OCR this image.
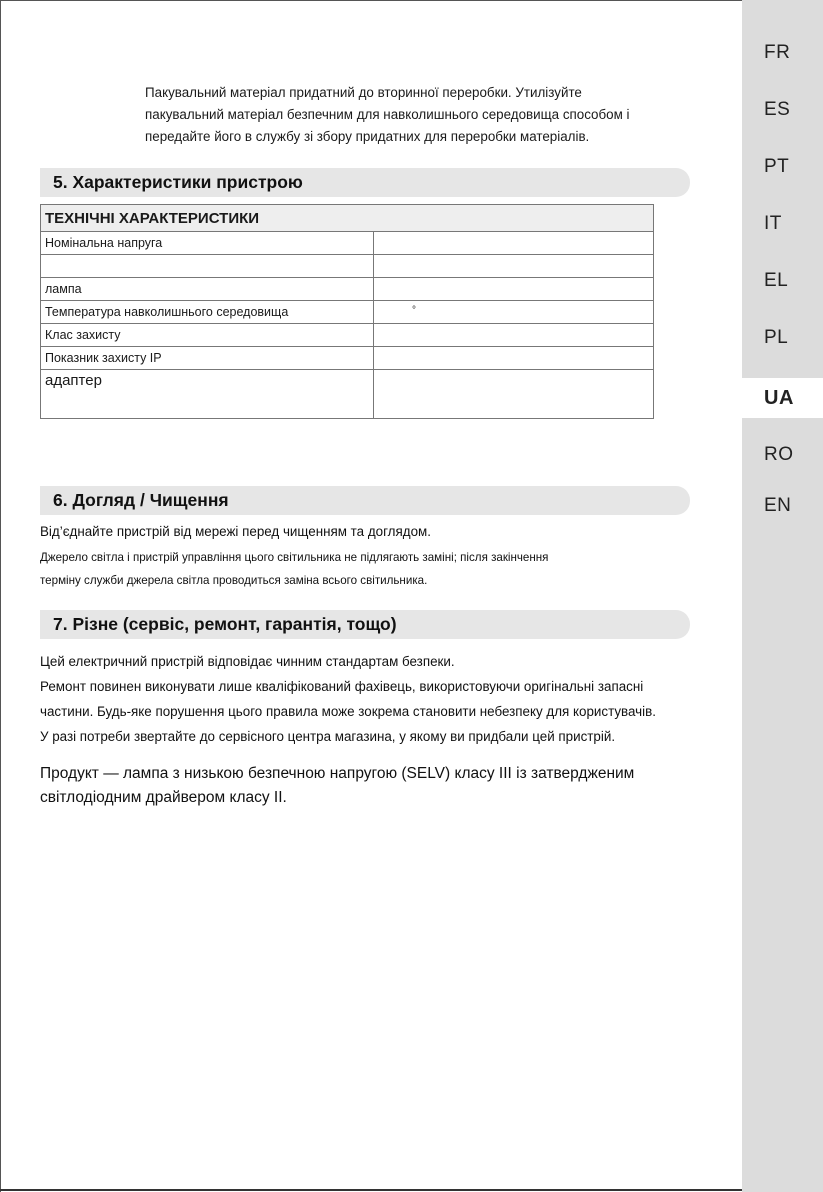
FR
ES
PT
IT
EL
PL
UA
RO
EN

Пакувальний матеріал придатний до вторинної переробки. Утилізуйте

пакувальний матеріал безпечним для навколишнього середовища способом і

передайте його в службу зі збору придатних для переробки матеріалів.

5. Характеристики пристрою
ТЕХНІЧНІ ХАРАКТЕРИСТИКИ	
Номінальна напруга	

лампа	
Температура навколишнього середовища	°
Клас захисту	
Показник захисту IP	
адаптер	
6. Догляд / Чищення

Від’єднайте пристрій від мережі перед чищенням та доглядом.

Джерело світла і пристрій управління цього світильника не підлягають заміні; після закінчення

терміну служби джерела світла проводиться заміна всього світильника.

7. Різне (сервіс, ремонт, гарантія, тощо)

Цей електричний пристрій відповідає чинним стандартам безпеки.

Ремонт повинен виконувати лише кваліфікований фахівець, використовуючи оригінальні запасні

частини. Будь-яке порушення цього правила може зокрема становити небезпеку для користувачів.

У разі потреби звертайте до сервісного центра магазина, у якому ви придбали цей пристрій.

Продукт — лампа з низькою безпечною напругою (SELV) класу III із затвердженим

світлодіодним драйвером класу II.
